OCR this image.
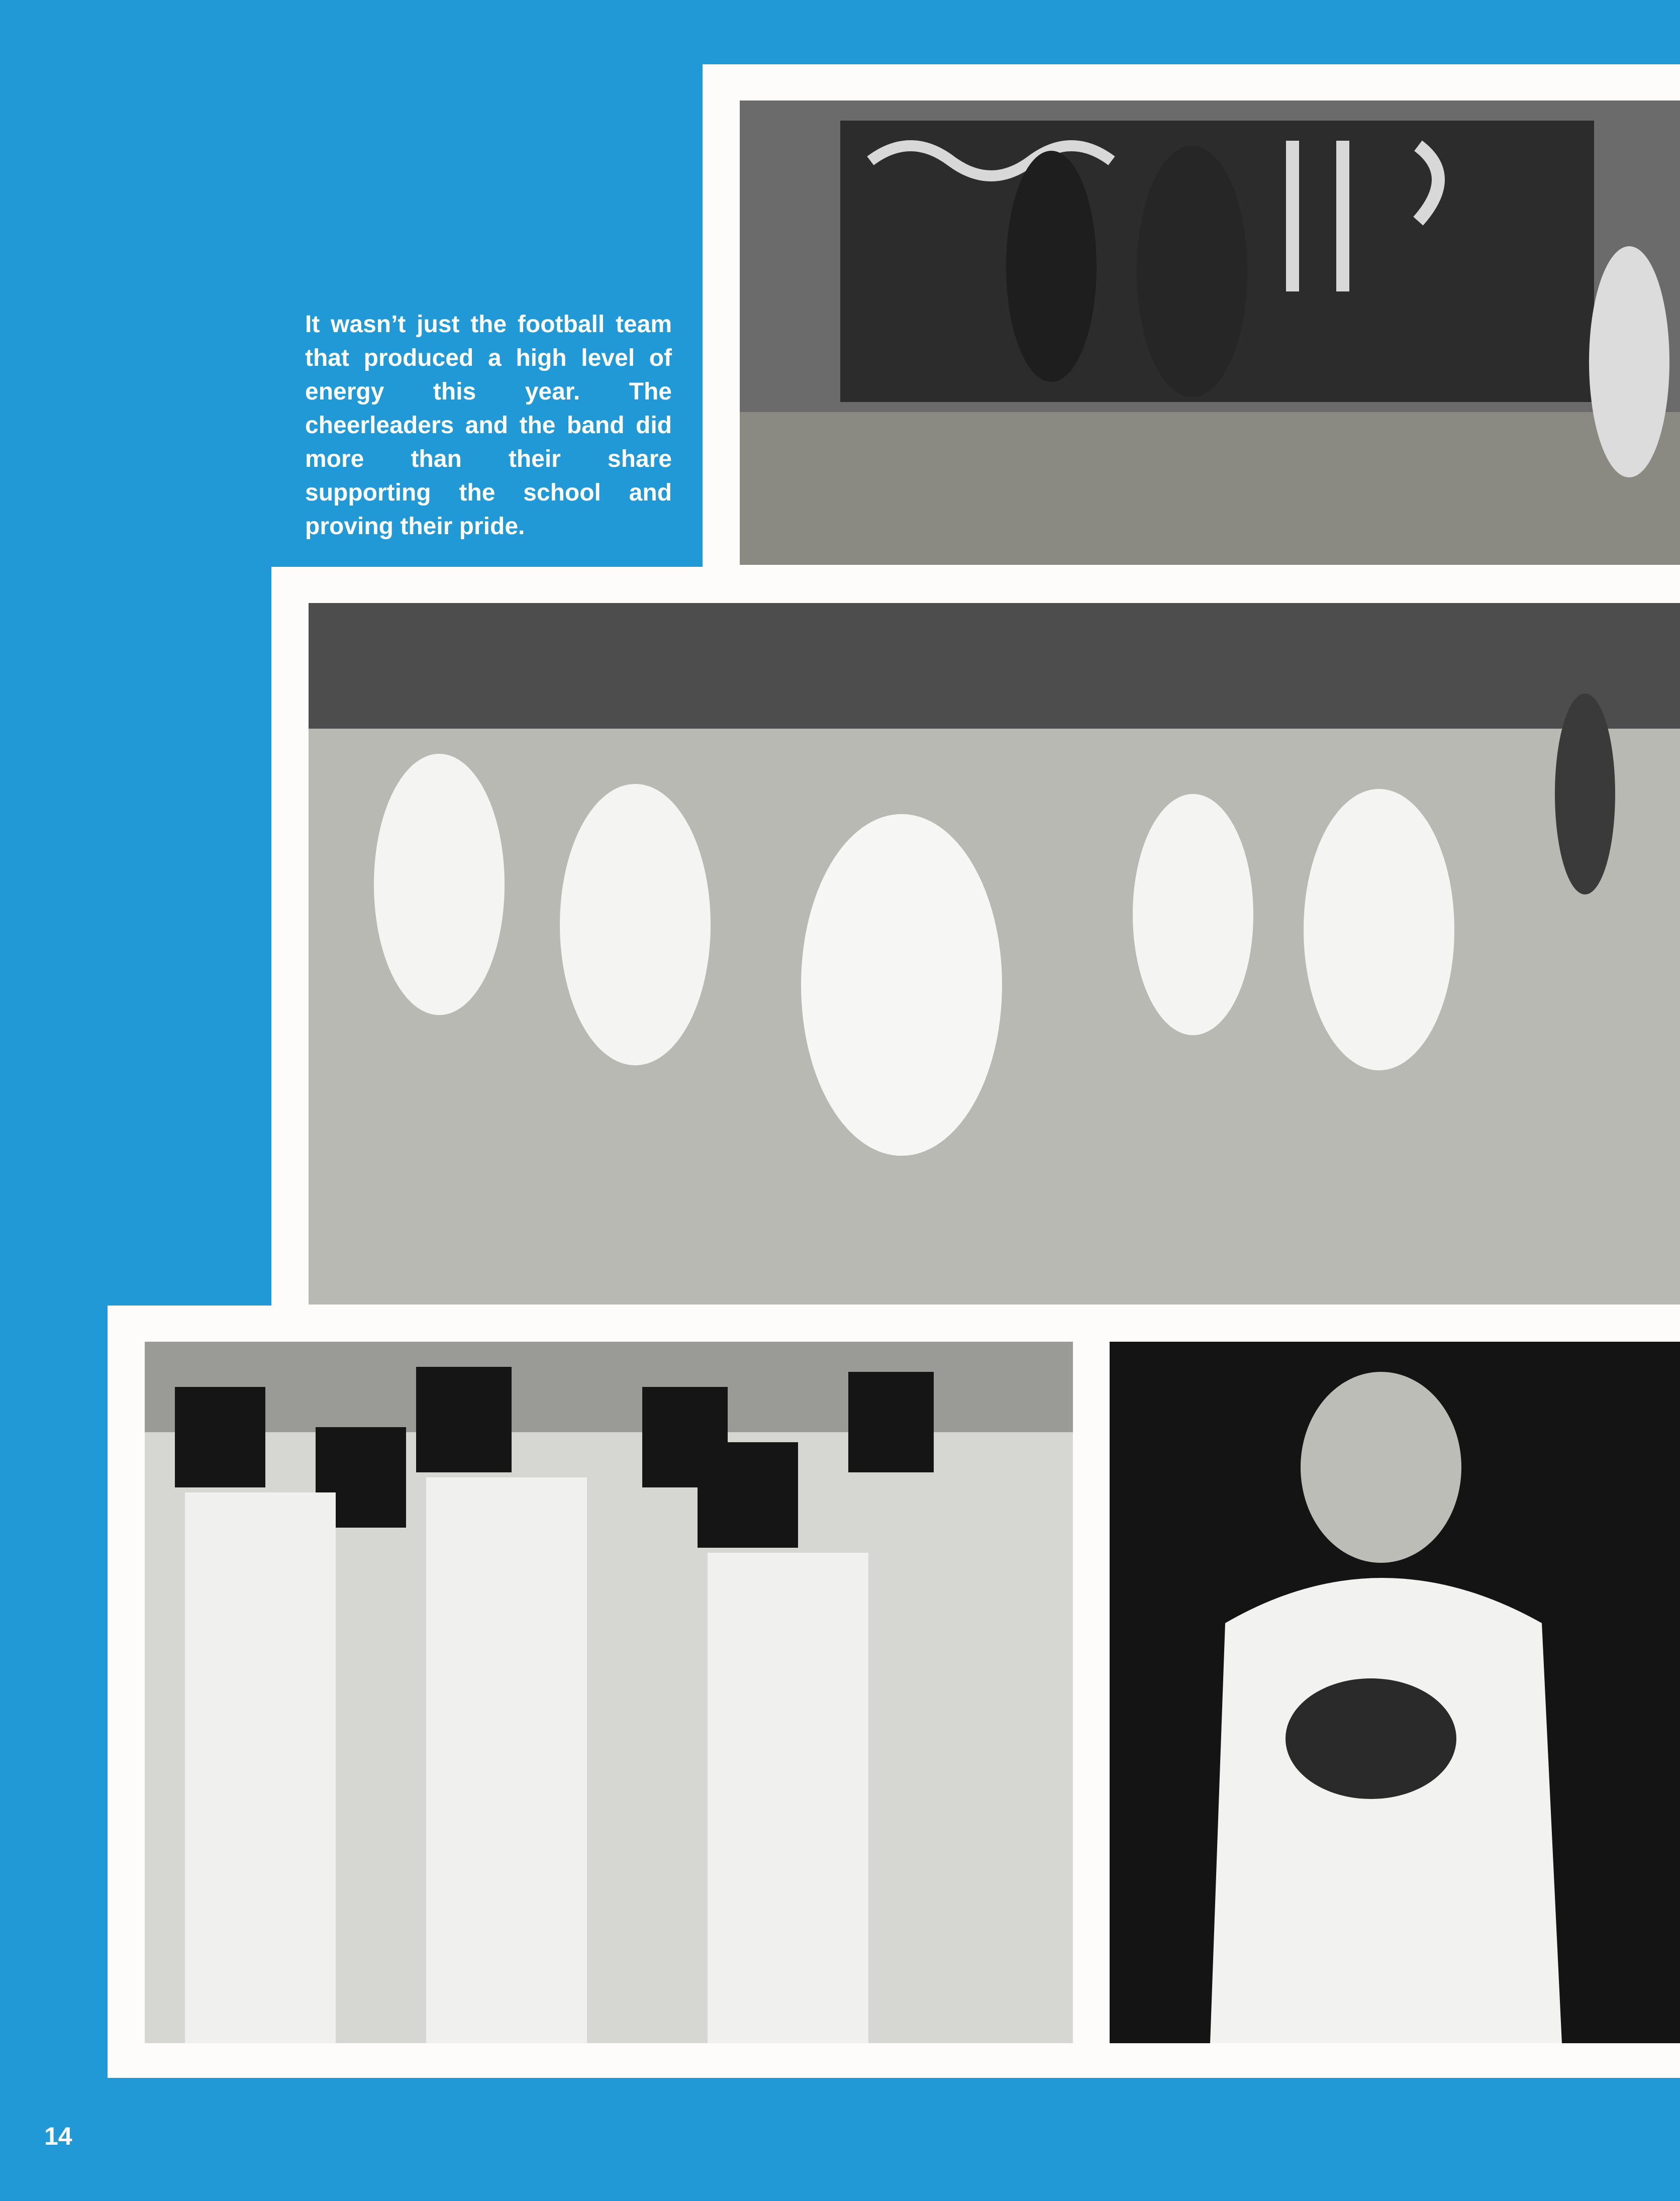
It wasn’t just the football team that produced a high level of energy this year. The cheerleaders and the band did more than their share supporting the school and proving their pride.

14
